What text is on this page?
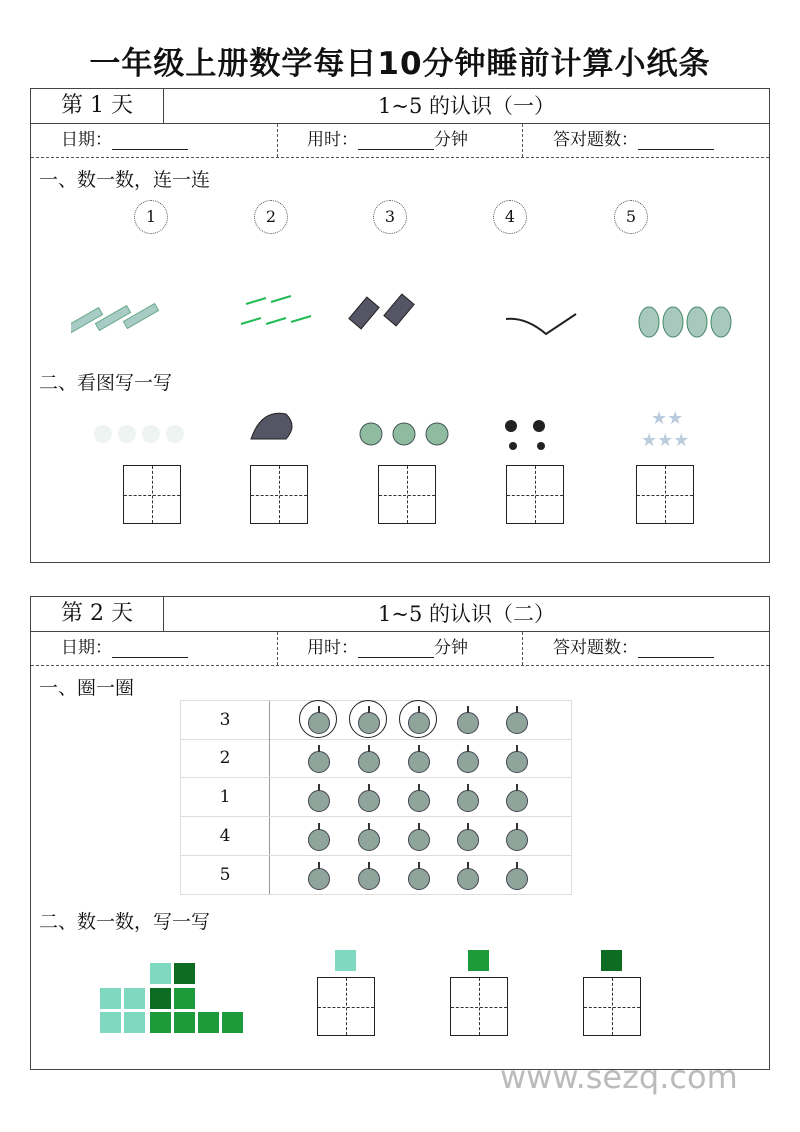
一年级上册数学每日10分钟睡前计算小纸条
第 1 天	1~5 的认识（一）
日期：	用时：	分钟	答对题数：
一、数一数，连一连
1	2	3	4	5
二、看图写一写
★★
★★★
第 2 天	1~5 的认识（二）
日期：	用时：	分钟	答对题数：
一、圈一圈
二、数一数，写一写
3
2
1
4
5
www.sezq.com
